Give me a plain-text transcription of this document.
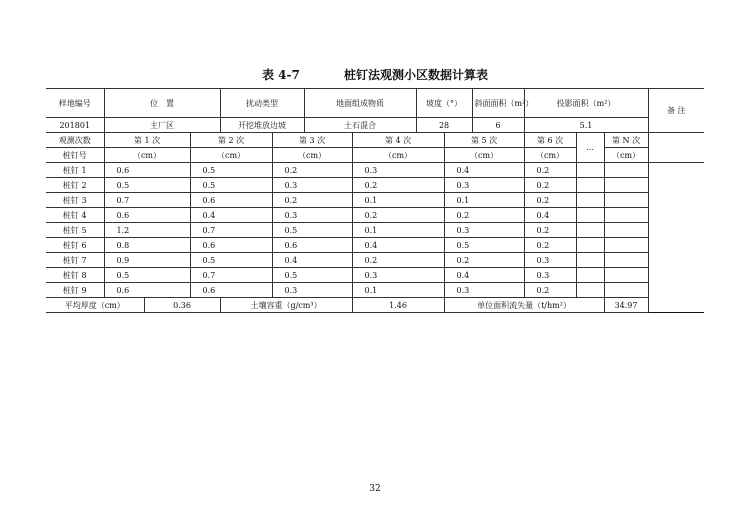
表 4-7	桩钉法观测小区数据计算表
样地编号	位　置			扰动类型		地面组成物质		坡度（°）		斜面面积（m²）	投影面积（m²）			备 注
201801	主厂区			开挖堆放边坡		土石混合		28		6	5.1			
观测次数	第 1 次		第 2 次		第 3 次		第 4 次		第 5 次		第 6 次	…	第 N 次	
桩钉号	（cm）		（cm）		（cm）		（cm）		（cm）		（cm）		（cm）	
桩钉 1	0.6		0.5		0.2		0.3		0.4		0.2			
桩钉 2	0.5		0.5		0.3		0.2		0.3		0.2			
桩钉 3	0.7		0.6		0.2		0.1		0.1		0.2			
桩钉 4	0.6		0.4		0.3		0.2		0.2		0.4			
桩钉 5	1.2		0.7		0.5		0.1		0.3		0.2			
桩钉 6	0.8		0.6		0.6		0.4		0.5		0.2			
桩钉 7	0.9		0.5		0.4		0.2		0.2		0.3			
桩钉 8	0.5		0.7		0.5		0.3		0.4		0.3			
桩钉 9	0.6		0.6		0.3		0.1		0.3		0.2			
平均厚度（cm）		0.36		土壤容重（g/cm³）			1.46		单位面积流失量（t/hm²）				34.97	
32
